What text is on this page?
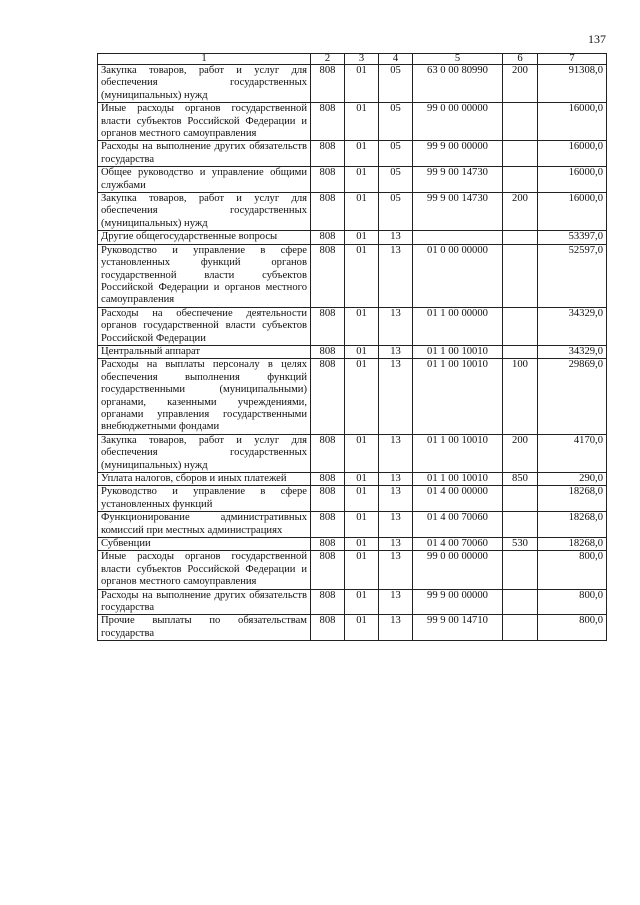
137
1	2	3	4	5	6	7
Закупка товаров, работ и услуг для обеспечения государственных (муниципальных) нужд	808	01	05	63 0 00 80990	200	91308,0
Иные расходы органов государственной власти субъектов Российской Федерации и органов местного самоуправления	808	01	05	99 0 00 00000		16000,0
Расходы на выполнение других обязательств государства	808	01	05	99 9 00 00000		16000,0
Общее руководство и управление общими службами	808	01	05	99 9 00 14730		16000,0
Закупка товаров, работ и услуг для обеспечения государственных (муниципальных) нужд	808	01	05	99 9 00 14730	200	16000,0
Другие общегосударственные вопросы	808	01	13			53397,0
Руководство и управление в сфере установленных функций органов государственной власти субъектов Российской Федерации и органов местного самоуправления	808	01	13	01 0 00 00000		52597,0
Расходы на обеспечение деятельности органов государственной власти субъектов Российской Федерации	808	01	13	01 1 00 00000		34329,0
Центральный аппарат	808	01	13	01 1 00 10010		34329,0
Расходы на выплаты персоналу в целях обеспечения выполнения функций государственными (муниципальными) органами, казенными учреждениями, органами управления государственными внебюджетными фондами	808	01	13	01 1 00 10010	100	29869,0
Закупка товаров, работ и услуг для обеспечения государственных (муниципальных) нужд	808	01	13	01 1 00 10010	200	4170,0
Уплата налогов, сборов и иных платежей	808	01	13	01 1 00 10010	850	290,0
Руководство и управление в сфере установленных функций	808	01	13	01 4 00 00000		18268,0
Функционирование административных комиссий при местных администрациях	808	01	13	01 4 00 70060		18268,0
Субвенции	808	01	13	01 4 00 70060	530	18268,0
Иные расходы органов государственной власти субъектов Российской Федерации и органов местного самоуправления	808	01	13	99 0 00 00000		800,0
Расходы на выполнение других обязательств государства	808	01	13	99 9 00 00000		800,0
Прочие выплаты по обязательствам государства	808	01	13	99 9 00 14710		800,0
